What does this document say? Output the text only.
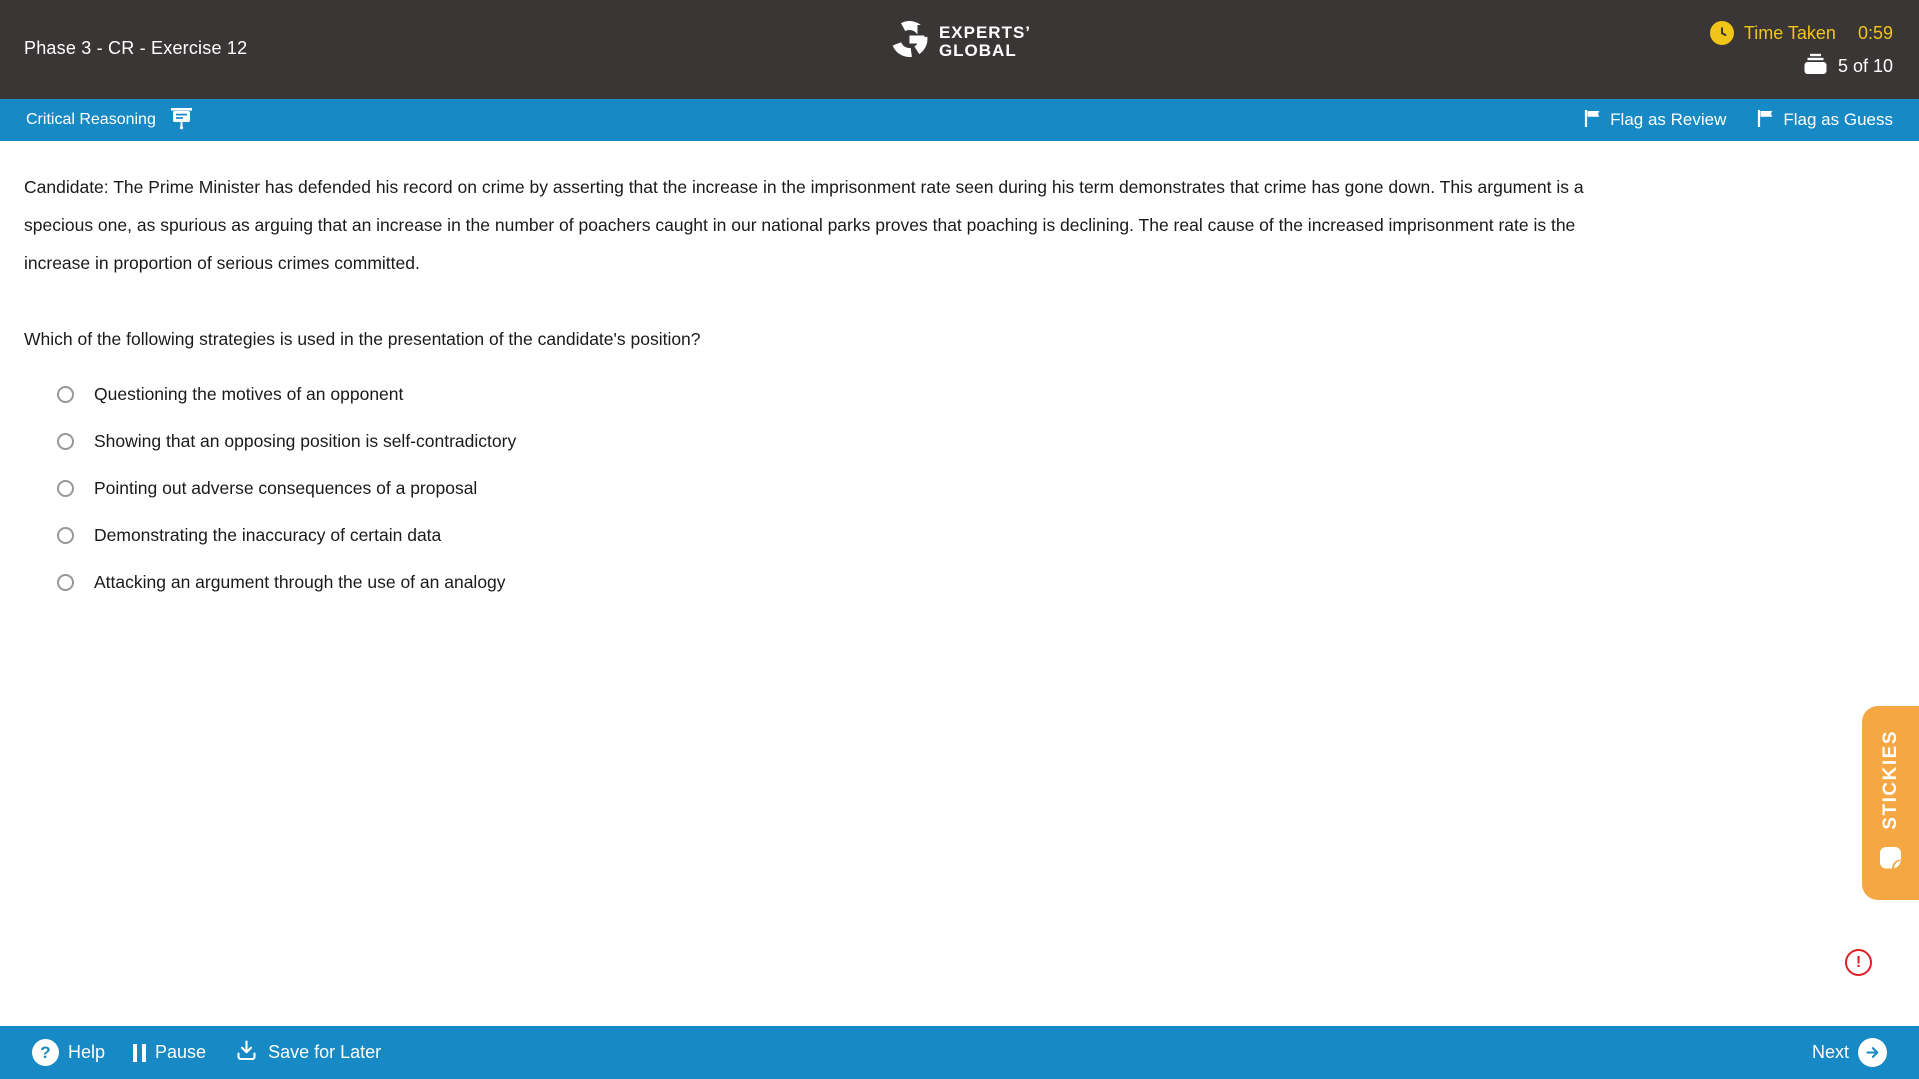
Phase 3 - CR - Exercise 12
EXPERTS’
GLOBAL
Time Taken 0:59
5 of 10
Critical Reasoning	Flag as Review	Flag as Guess

Candidate: The Prime Minister has defended his record on crime by asserting that the increase in the imprisonment rate seen during his term demonstrates that crime has gone down. This argument is a specious one, as spurious as arguing that an increase in the number of poachers caught in our national parks proves that poaching is declining. The real cause of the increased imprisonment rate is the increase in proportion of serious crimes committed.

Which of the following strategies is used in the presentation of the candidate's position?

Questioning the motives of an opponent
Showing that an opposing position is self-contradictory
Pointing out adverse consequences of a proposal
Demonstrating the inaccuracy of certain data
Attacking an argument through the use of an analogy
STICKIES
!
? Help	Pause	Save for Later	Next
